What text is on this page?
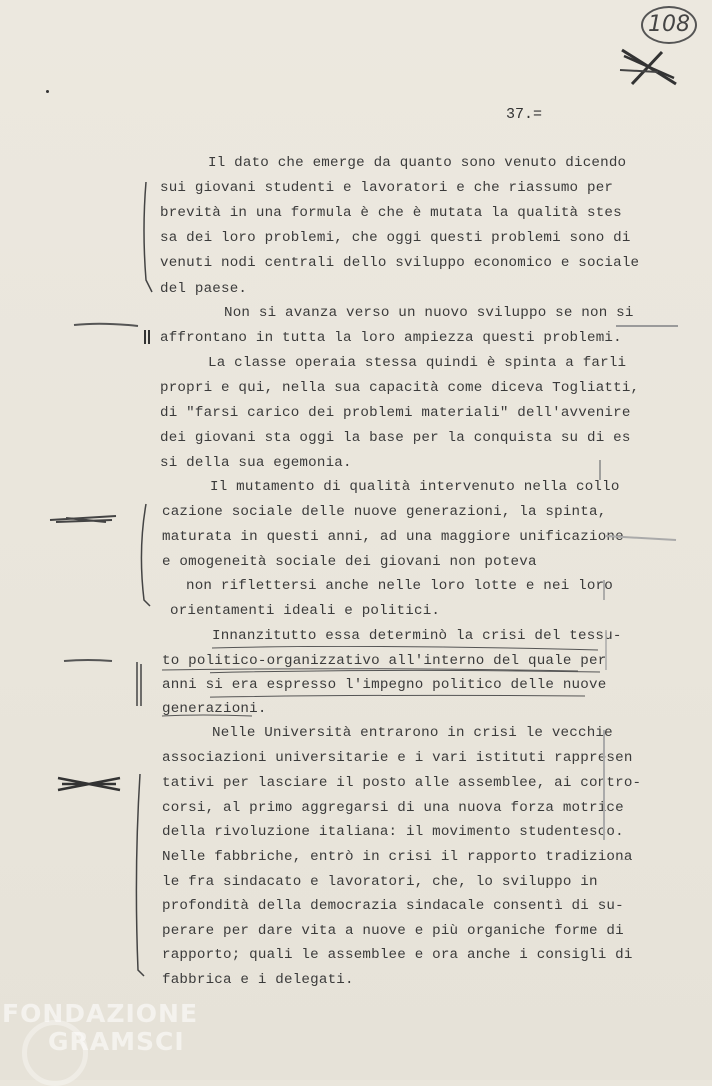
108
37.=
Il dato che emerge da quanto sono venuto dicendo
sui giovani studenti e lavoratori e che riassumo per
brevità in una formula è che è mutata la qualità stes
sa dei loro problemi, che oggi questi problemi sono di
venuti nodi centrali dello sviluppo economico e sociale
del paese.
Non si avanza verso un nuovo sviluppo se non si
affrontano in tutta la loro ampiezza questi problemi.
La classe operaia stessa quindi è spinta a farli
propri e qui, nella sua capacità come diceva Togliatti,
di "farsi carico dei problemi materiali" dell'avvenire
dei giovani sta oggi la base per la conquista su di es
si della sua egemonia.
Il mutamento di qualità intervenuto nella collo
cazione sociale delle nuove generazioni, la spinta,
maturata in questi anni, ad una maggiore unificazione
e omogeneità sociale dei giovani non poteva
non riflettersi anche nelle loro lotte e nei loro
orientamenti ideali e politici.
Innanzitutto essa determinò la crisi del tessu-
to politico-organizzativo all'interno del quale per
anni si era espresso l'impegno politico delle nuove
generazioni.
Nelle Università entrarono in crisi le vecchie
associazioni universitarie e i vari istituti rappresen
tativi per lasciare il posto alle assemblee, ai contro-
corsi, al primo aggregarsi di una nuova forza motrice
della rivoluzione italiana: il movimento studentesco.
Nelle fabbriche, entrò in crisi il rapporto tradiziona
le fra sindacato e lavoratori, che, lo sviluppo in
profondità della democrazia sindacale consentì di su-
perare per dare vita a nuove e più organiche forme di
rapporto; quali le assemblee e ora anche i consigli di
fabbrica e i delegati.
FONDAZIONE
GRAMSCI
